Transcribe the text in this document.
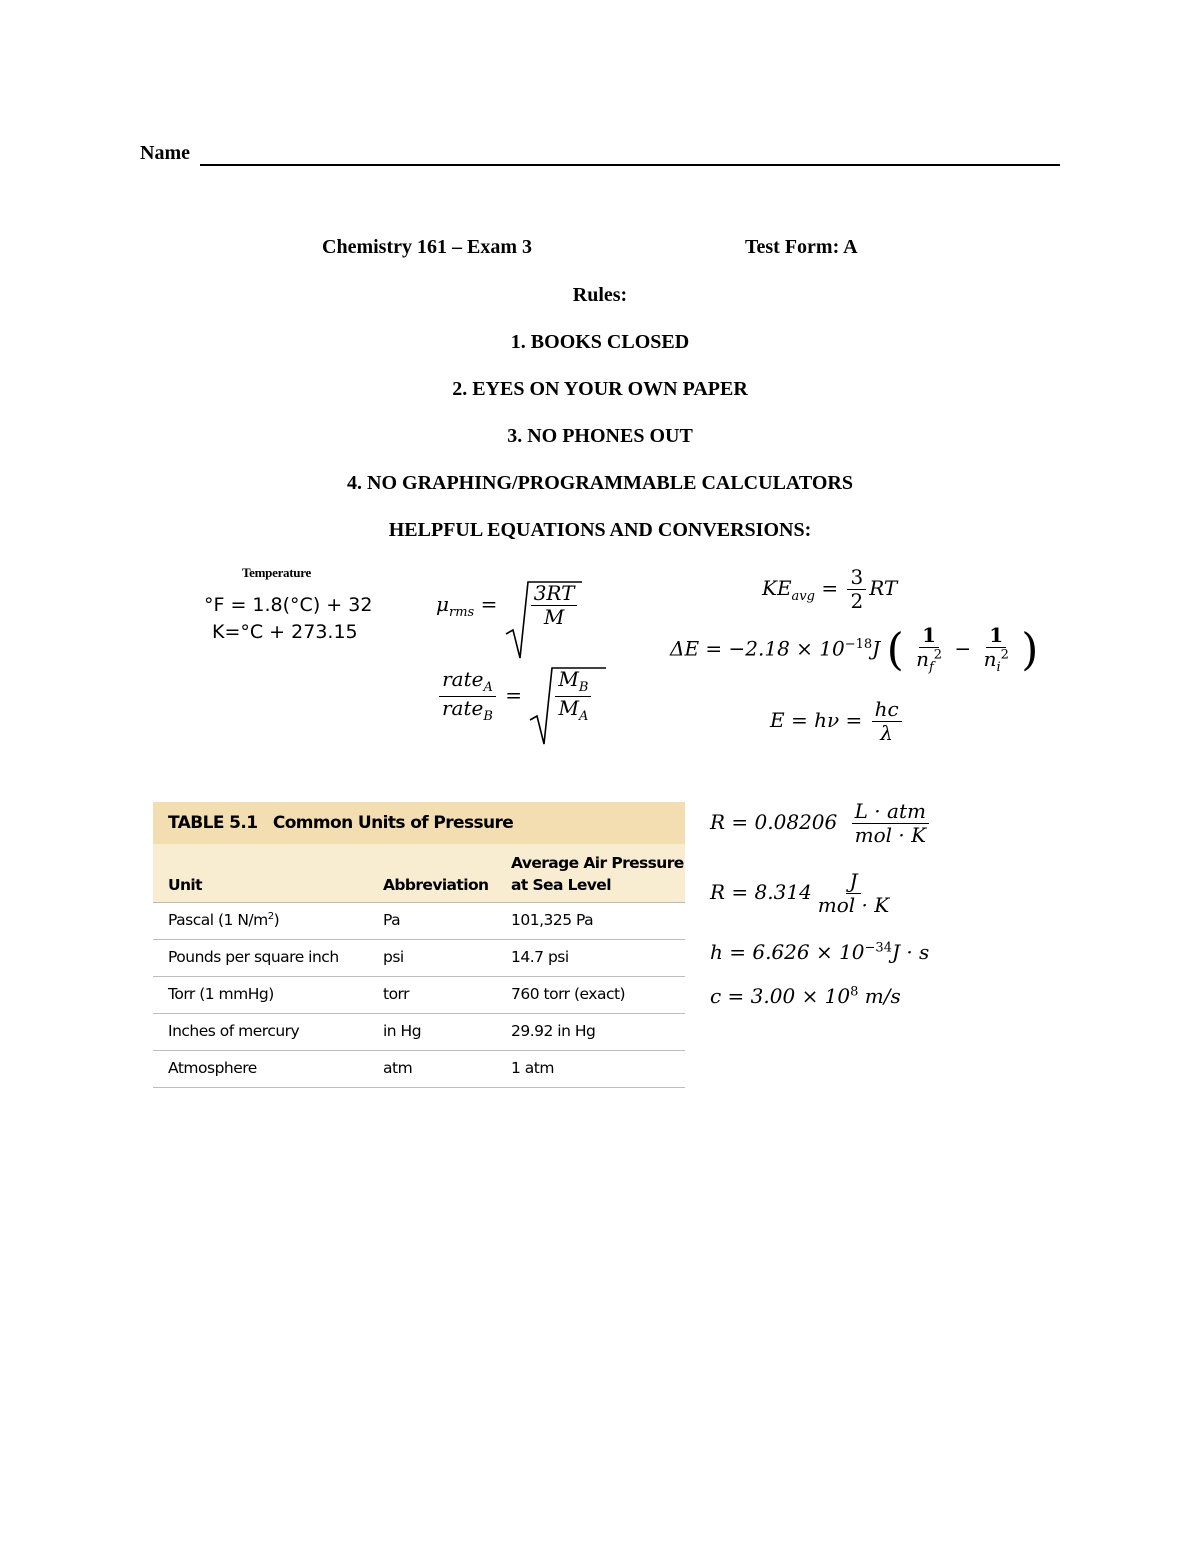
Name
Chemistry 161 – Exam 3	Test Form: A
Rules:
1. BOOKS CLOSED
2. EYES ON YOUR OWN PAPER
3. NO PHONES OUT
4. NO GRAPHING/PROGRAMMABLE CALCULATORS
HELPFUL EQUATIONS AND CONVERSIONS:
Temperature
°F = 1.8(°C) + 32
K=°C + 273.15
$\mu_{rms} = \frac{3RT}{M}$
$\frac{rate_A}{rate_B} = \frac{M_B}{M_A}$
$KE_{avg} = \frac{3}{2}$ RT
$\Delta E = -2.18 \times 10^{-18}J$ ( $\frac{1}{n_f^2} - \frac{1}{n_i^2}$ )
$E = h\nu = \frac{hc}{\lambda}$
TABLE 5.1 Common Units of Pressure
Unit	Abbreviation
Average Air Pressure
at Sea Level
Pascal (1 $N/m^2$)	Pa	101,325 Pa
Pounds per square inch	psi	14.7 psi
Torr (1 mmHg)	torr	760 torr (exact)
Inches of mercury	in Hg	29.92 in Hg
Atmosphere	atm	1 atm
$R = 0.08206 \frac{\text{L · atm}}{\text{mol · K}}$
$R = 8.314 \frac{J}{\text{mol · K}}$
$h = 6.626 \times 10^{-34}J \cdot s$
$c = 3.00 \times 10^8$ m/s
